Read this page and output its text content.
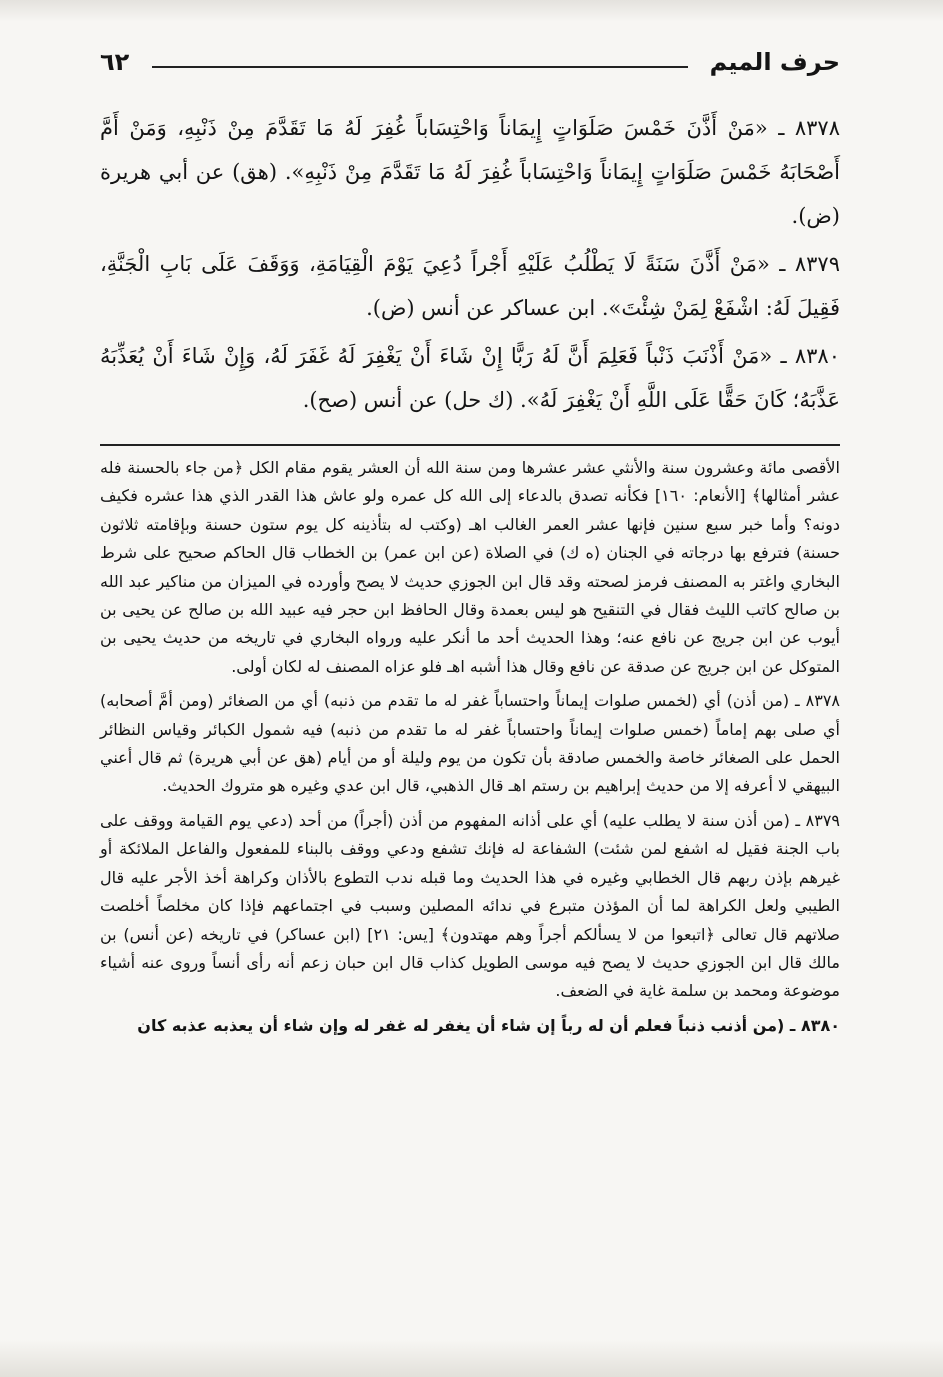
٦٢	حرف الميم

٨٣٧٨ ـ «مَنْ أَذَّنَ خَمْسَ صَلَوَاتٍ إِيمَاناً وَاحْتِسَاباً غُفِرَ لَهُ مَا تَقَدَّمَ مِنْ ذَنْبِهِ، وَمَنْ أَمَّ أَصْحَابَهُ خَمْسَ صَلَوَاتٍ إِيمَاناً وَاحْتِسَاباً غُفِرَ لَهُ مَا تَقَدَّمَ مِنْ ذَنْبِهِ». (هق) عن أبي هريرة (ض).

٨٣٧٩ ـ «مَنْ أَذَّنَ سَنَةً لَا يَطْلُبُ عَلَيْهِ أَجْراً دُعِيَ يَوْمَ الْقِيَامَةِ، وَوَقَفَ عَلَى بَابِ الْجَنَّةِ، فَقِيلَ لَهُ: اشْفَعْ لِمَنْ شِئْتَ». ابن عساكر عن أنس (ض).

٨٣٨٠ ـ «مَنْ أَذْنَبَ ذَنْباً فَعَلِمَ أَنَّ لَهُ رَبًّا إِنْ شَاءَ أَنْ يَغْفِرَ لَهُ غَفَرَ لَهُ، وَإِنْ شَاءَ أَنْ يُعَذِّبَهُ عَذَّبَهُ؛ كَانَ حَقًّا عَلَى اللَّهِ أَنْ يَغْفِرَ لَهُ». (ك حل) عن أنس (صح).

الأقصى مائة وعشرون سنة والأنثي عشر عشرها ومن سنة الله أن العشر يقوم مقام الكل ﴿من جاء بالحسنة فله عشر أمثالها﴾ [الأنعام: ١٦٠] فكأنه تصدق بالدعاء إلى الله كل عمره ولو عاش هذا القدر الذي هذا عشره فكيف دونه؟ وأما خبر سبع سنين فإنها عشر العمر الغالب اهـ (وكتب له بتأذينه كل يوم ستون حسنة وبإقامته ثلاثون حسنة) فترفع بها درجاته في الجنان (ه ك) في الصلاة (عن ابن عمر) بن الخطاب قال الحاكم صحيح على شرط البخاري واغتر به المصنف فرمز لصحته وقد قال ابن الجوزي حديث لا يصح وأورده في الميزان من مناكير عبد الله بن صالح كاتب الليث فقال في التنقيح هو ليس بعمدة وقال الحافظ ابن حجر فيه عبيد الله بن صالح عن يحيى بن أيوب عن ابن جريج عن نافع عنه؛ وهذا الحديث أحد ما أنكر عليه ورواه البخاري في تاريخه من حديث يحيى بن المتوكل عن ابن جريج عن صدقة عن نافع وقال هذا أشبه اهـ فلو عزاه المصنف له لكان أولى.

٨٣٧٨ ـ (من أذن) أي (لخمس صلوات إيماناً واحتساباً غفر له ما تقدم من ذنبه) أي من الصغائر (ومن أمَّ أصحابه) أي صلى بهم إماماً (خمس صلوات إيماناً واحتساباً غفر له ما تقدم من ذنبه) فيه شمول الكبائر وقياس النظائر الحمل على الصغائر خاصة والخمس صادقة بأن تكون من يوم وليلة أو من أيام (هق عن أبي هريرة) ثم قال أعني البيهقي لا أعرفه إلا من حديث إبراهيم بن رستم اهـ قال الذهبي، قال ابن عدي وغيره هو متروك الحديث.

٨٣٧٩ ـ (من أذن سنة لا يطلب عليه) أي على أذانه المفهوم من أذن (أجراً) من أحد (دعي يوم القيامة ووقف على باب الجنة فقيل له اشفع لمن شئت) الشفاعة له فإنك تشفع ودعي ووقف بالبناء للمفعول والفاعل الملائكة أو غيرهم بإذن ربهم قال الخطابي وغيره في هذا الحديث وما قبله ندب التطوع بالأذان وكراهة أخذ الأجر عليه قال الطيبي ولعل الكراهة لما أن المؤذن متبرع في ندائه المصلين وسبب في اجتماعهم فإذا كان مخلصاً أخلصت صلاتهم قال تعالى ﴿اتبعوا من لا يسألكم أجراً وهم مهتدون﴾ [يس: ٢١] (ابن عساكر) في تاريخه (عن أنس) بن مالك قال ابن الجوزي حديث لا يصح فيه موسى الطويل كذاب قال ابن حبان زعم أنه رأى أنساً وروى عنه أشياء موضوعة ومحمد بن سلمة غاية في الضعف.

٨٣٨٠ ـ (من أذنب ذنباً فعلم أن له رباً إن شاء أن يغفر له غفر له وإن شاء أن يعذبه عذبه كان
